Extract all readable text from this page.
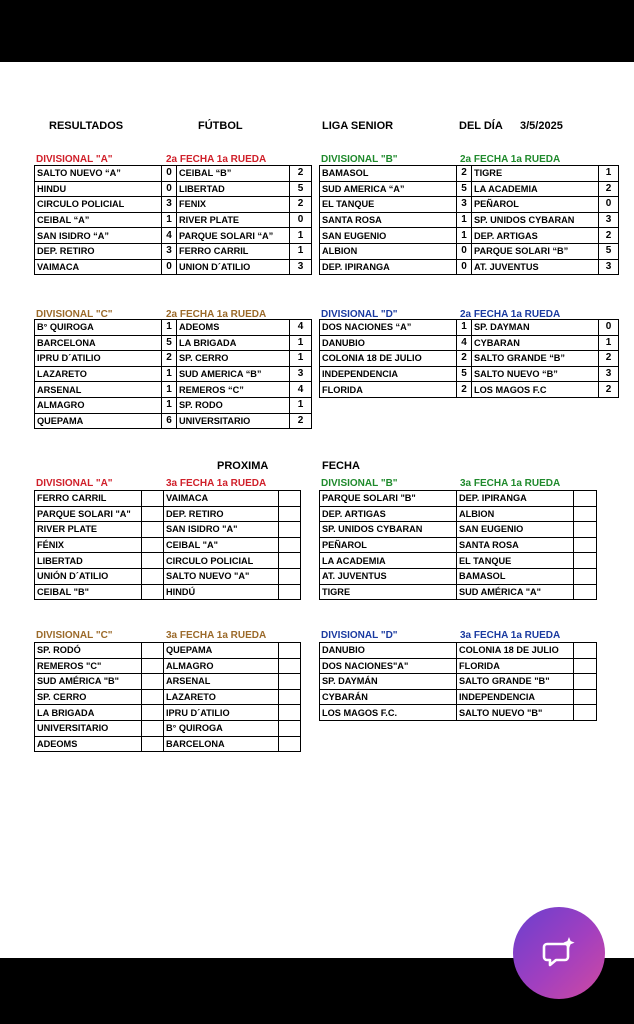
RESULTADOS	FÚTBOL	LIGA SENIOR	DEL DÍA 3/5/2025
PROXIMA	FECHA
DIVISIONAL "A"	2a FECHA 1a RUEDA
SALTO NUEVO “A”	0	CEIBAL “B”	2
HINDU	0	LIBERTAD	5
CIRCULO POLICIAL	3	FENIX	2
CEIBAL “A”	1	RIVER PLATE	0
SAN ISIDRO “A”	4	PARQUE SOLARI “A”	1
DEP. RETIRO	3	FERRO CARRIL	1
VAIMACA	0	UNION D´ATILIO	3
DIVISIONAL "B"	2a FECHA 1a RUEDA
BAMASOL	2	TIGRE	1
SUD AMERICA “A”	5	LA ACADEMIA	2
EL TANQUE	3	PEÑAROL	0
SANTA ROSA	1	SP. UNIDOS CYBARAN	3
SAN EUGENIO	1	DEP. ARTIGAS	2
ALBION	0	PARQUE SOLARI “B”	5
DEP. IPIRANGA	0	AT. JUVENTUS	3
DIVISIONAL "C"	2a FECHA 1a RUEDA
B° QUIROGA	1	ADEOMS	4
BARCELONA	5	LA BRIGADA	1
IPRU D´ATILIO	2	SP. CERRO	1
LAZARETO	1	SUD AMERICA “B”	3
ARSENAL	1	REMEROS “C”	4
ALMAGRO	1	SP. RODO	1
QUEPAMA	6	UNIVERSITARIO	2
DIVISIONAL "D"	2a FECHA 1a RUEDA
DOS NACIONES “A”	1	SP. DAYMAN	0
DANUBIO	4	CYBARAN	1
COLONIA 18 DE JULIO	2	SALTO GRANDE “B”	2
INDEPENDENCIA	5	SALTO NUEVO “B”	3
FLORIDA	2	LOS MAGOS F.C	2
DIVISIONAL "A"	3a FECHA 1a RUEDA
FERRO CARRIL		VAIMACA	
PARQUE SOLARI "A"		DEP. RETIRO	
RIVER PLATE		SAN ISIDRO "A"	
FÉNIX		CEIBAL "A"	
LIBERTAD		CIRCULO POLICIAL	
UNIÓN D´ATILIO		SALTO NUEVO "A"	
CEIBAL "B"		HINDÚ	
DIVISIONAL "B"	3a FECHA 1a RUEDA
PARQUE SOLARI "B"	DEP. IPIRANGA	
DEP. ARTIGAS	ALBION	
SP. UNIDOS CYBARAN	SAN EUGENIO	
PEÑAROL	SANTA ROSA	
LA ACADEMIA	EL TANQUE	
AT. JUVENTUS	BAMASOL	
TIGRE	SUD AMÉRICA "A"	
DIVISIONAL "C"	3a FECHA 1a RUEDA
SP. RODÓ		QUEPAMA	
REMEROS "C"		ALMAGRO	
SUD AMÉRICA "B"		ARSENAL	
SP. CERRO		LAZARETO	
LA BRIGADA		IPRU D´ATILIO	
UNIVERSITARIO		B° QUIROGA	
ADEOMS		BARCELONA	
DIVISIONAL "D"	3a FECHA 1a RUEDA
DANUBIO	COLONIA 18 DE JULIO	
DOS NACIONES"A"	FLORIDA	
SP. DAYMÁN	SALTO GRANDE "B"	
CYBARÁN	INDEPENDENCIA	
LOS MAGOS F.C.	SALTO NUEVO "B"	
